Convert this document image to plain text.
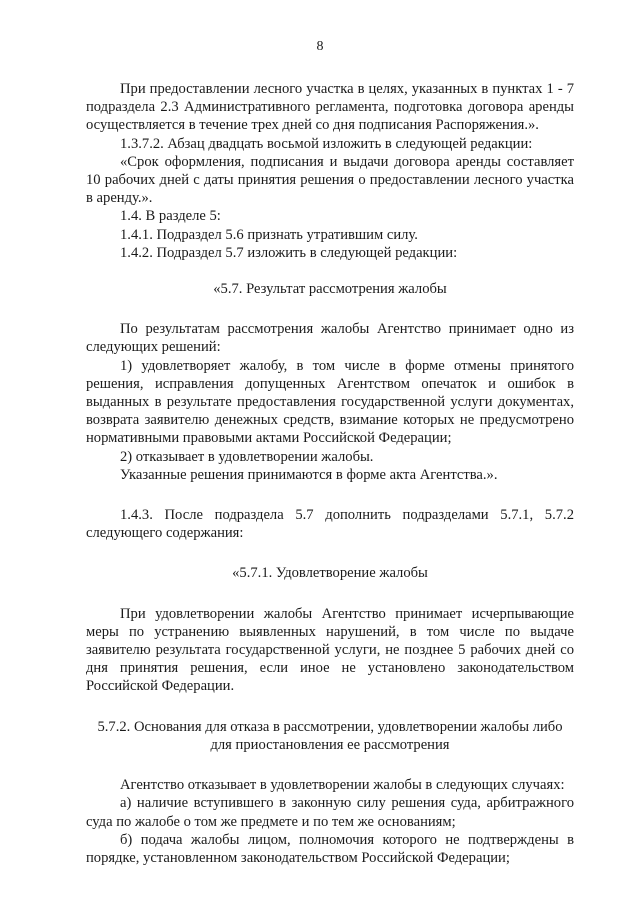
8

При предоставлении лесного участка в целях, указанных в пунктах 1 - 7 подраздела 2.3 Административного регламента, подготовка договора аренды осуществляется в течение трех дней со дня подписания Распоряжения.».

1.3.7.2. Абзац двадцать восьмой изложить в следующей редакции:

«Срок оформления, подписания и выдачи договора аренды составляет 10 рабочих дней с даты принятия решения о предоставлении лесного участка в аренду.».

1.4. В разделе 5:

1.4.1. Подраздел 5.6 признать утратившим силу.

1.4.2. Подраздел 5.7 изложить в следующей редакции:

«5.7. Результат рассмотрения жалобы

По результатам рассмотрения жалобы Агентство принимает одно из следующих решений:

1) удовлетворяет жалобу, в том числе в форме отмены принятого решения, исправления допущенных Агентством опечаток и ошибок в выданных в результате предоставления государственной услуги документах, возврата заявителю денежных средств, взимание которых не предусмотрено нормативными правовыми актами Российской Федерации;

2) отказывает в удовлетворении жалобы.

Указанные решения принимаются в форме акта Агентства.».

1.4.3. После подраздела 5.7 дополнить подразделами 5.7.1, 5.7.2 следующего содержания:

«5.7.1. Удовлетворение жалобы

При удовлетворении жалобы Агентство принимает исчерпывающие меры по устранению выявленных нарушений, в том числе по выдаче заявителю результата государственной услуги, не позднее 5 рабочих дней со дня принятия решения, если иное не установлено законодательством Российской Федерации.

5.7.2. Основания для отказа в рассмотрении, удовлетворении жалобы либо для приостановления ее рассмотрения

Агентство отказывает в удовлетворении жалобы в следующих случаях:

а) наличие вступившего в законную силу решения суда, арбитражного суда по жалобе о том же предмете и по тем же основаниям;

б) подача жалобы лицом, полномочия которого не подтверждены в порядке, установленном законодательством Российской Федерации;
